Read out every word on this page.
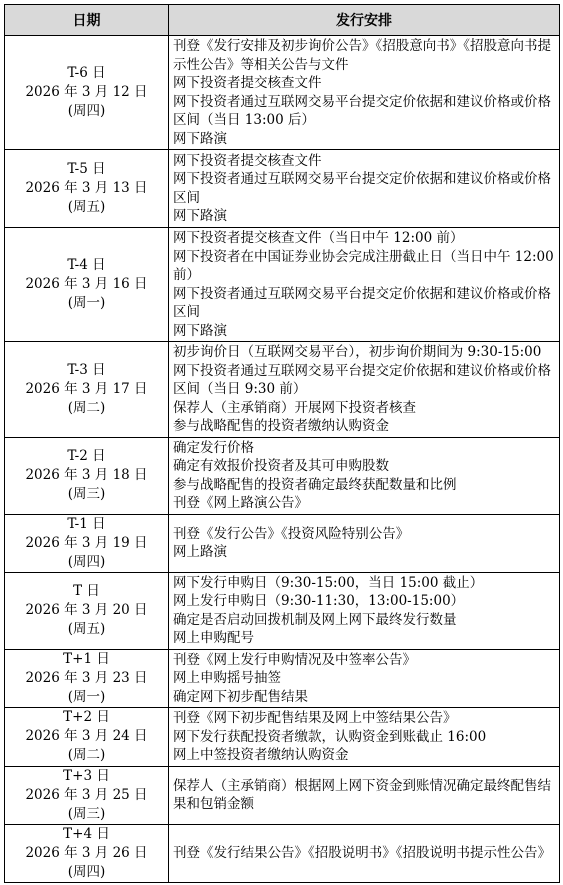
日期	发行安排

T-6 日
2026 年 3 月 12 日
(周四)	刊登《发行安排及初步询价公告》《招股意向书》《招股意向书提示性公告》等相关公告与文件
网下投资者提交核查文件
网下投资者通过互联网交易平台提交定价依据和建议价格或价格区间（当日 13:00 后）
网下路演

T-5 日
2026 年 3 月 13 日
(周五)	网下投资者提交核查文件
网下投资者通过互联网交易平台提交定价依据和建议价格或价格区间
网下路演

T-4 日
2026 年 3 月 16 日
(周一)	网下投资者提交核查文件（当日中午 12:00 前）
网下投资者在中国证券业协会完成注册截止日（当日中午 12:00 前）
网下投资者通过互联网交易平台提交定价依据和建议价格或价格区间
网下路演

T-3 日
2026 年 3 月 17 日
(周二)	初步询价日（互联网交易平台），初步询价期间为 9:30-15:00
网下投资者通过互联网交易平台提交定价依据和建议价格或价格区间（当日 9:30 前）
保荐人（主承销商）开展网下投资者核查
参与战略配售的投资者缴纳认购资金

T-2 日
2026 年 3 月 18 日
(周三)	确定发行价格
确定有效报价投资者及其可申购股数
参与战略配售的投资者确定最终获配数量和比例
刊登《网上路演公告》

T-1 日
2026 年 3 月 19 日
(周四)	刊登《发行公告》《投资风险特别公告》
网上路演

T 日
2026 年 3 月 20 日
(周五)	网下发行申购日（9:30-15:00，当日 15:00 截止）
网上发行申购日（9:30-11:30，13:00-15:00）
确定是否启动回拨机制及网上网下最终发行数量
网上申购配号

T+1 日
2026 年 3 月 23 日
(周一)	刊登《网上发行申购情况及中签率公告》
网上申购摇号抽签
确定网下初步配售结果

T+2 日
2026 年 3 月 24 日
(周二)	刊登《网下初步配售结果及网上中签结果公告》
网下发行获配投资者缴款，认购资金到账截止 16:00
网上中签投资者缴纳认购资金

T+3 日
2026 年 3 月 25 日
(周三)	保荐人（主承销商）根据网上网下资金到账情况确定最终配售结果和包销金额

T+4 日
2026 年 3 月 26 日
(周四)	刊登《发行结果公告》《招股说明书》《招股说明书提示性公告》
